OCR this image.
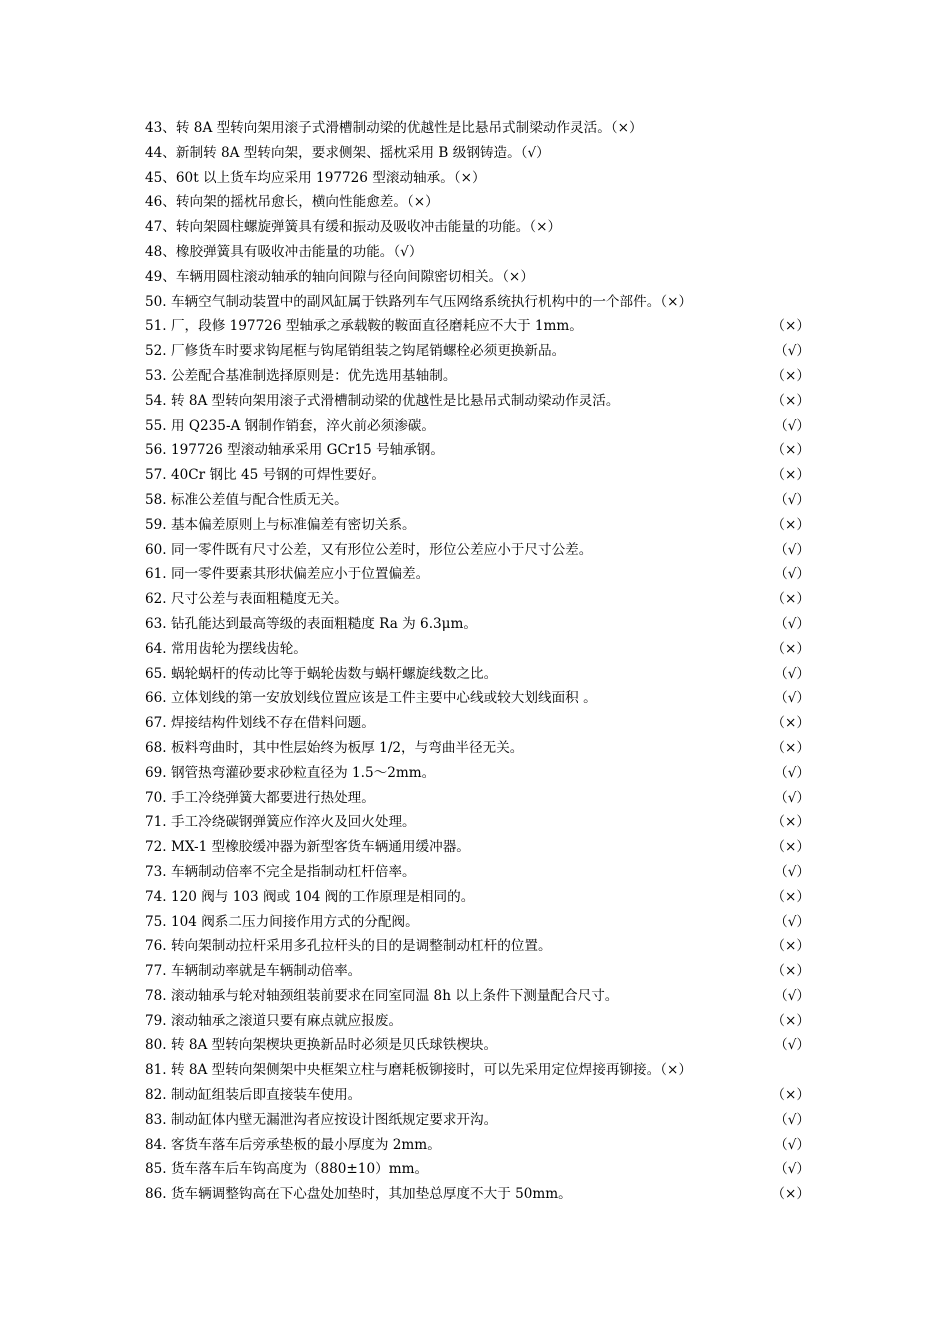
43、转 8A 型转向架用滚子式滑槽制动梁的优越性是比悬吊式制梁动作灵活。（×）
44、新制转 8A 型转向架，要求侧架、摇枕采用 B 级钢铸造。（√）
45、60t 以上货车均应采用 197726 型滚动轴承。（×）
46、转向架的摇枕吊愈长，横向性能愈差。（×）
47、转向架圆柱螺旋弹簧具有缓和振动及吸收冲击能量的功能。（×）
48、橡胶弹簧具有吸收冲击能量的功能。（√）
49、车辆用圆柱滚动轴承的轴向间隙与径向间隙密切相关。（×）
50. 车辆空气制动装置中的副风缸属于铁路列车气压网络系统执行机构中的一个部件。（×）
51. 厂，段修 197726 型轴承之承载鞍的鞍面直径磨耗应不大于 1mm。	（×）
52. 厂修货车时要求钩尾框与钩尾销组装之钩尾销螺栓必须更换新品。	（√）
53. 公差配合基准制选择原则是：优先选用基轴制。	（×）
54. 转 8A 型转向架用滚子式滑槽制动梁的优越性是比悬吊式制动梁动作灵活。	（×）
55. 用 Q235-A 钢制作销套，淬火前必须渗碳。	（√）
56. 197726 型滚动轴承采用 GCr15 号轴承钢。	（×）
57. 40Cr 钢比 45 号钢的可焊性要好。	（×）
58. 标准公差值与配合性质无关。	（√）
59. 基本偏差原则上与标准偏差有密切关系。	（×）
60. 同一零件既有尺寸公差，又有形位公差时，形位公差应小于尺寸公差。	（√）
61. 同一零件要素其形状偏差应小于位置偏差。	（√）
62. 尺寸公差与表面粗糙度无关。	（×）
63. 钻孔能达到最高等级的表面粗糙度 Ra 为 6.3μm。	（√）
64. 常用齿轮为摆线齿轮。	（×）
65. 蜗轮蜗杆的传动比等于蜗轮齿数与蜗杆螺旋线数之比。	（√）
66. 立体划线的第一安放划线位置应该是工件主要中心线或较大划线面积 。	（√）
67. 焊接结构件划线不存在借料问题。	（×）
68. 板料弯曲时，其中性层始终为板厚 1/2，与弯曲半径无关。	（×）
69. 钢管热弯灌砂要求砂粒直径为 1.5～2mm。	（√）
70. 手工冷绕弹簧大都要进行热处理。	（√）
71. 手工冷绕碳钢弹簧应作淬火及回火处理。	（×）
72. MX-1 型橡胶缓冲器为新型客货车辆通用缓冲器。	（×）
73. 车辆制动倍率不完全是指制动杠杆倍率。	（√）
74. 120 阀与 103 阀或 104 阀的工作原理是相同的。	（×）
75. 104 阀系二压力间接作用方式的分配阀。	（√）
76. 转向架制动拉杆采用多孔拉杆头的目的是调整制动杠杆的位置。	（×）
77. 车辆制动率就是车辆制动倍率。	（×）
78. 滚动轴承与轮对轴颈组装前要求在同室同温 8h 以上条件下测量配合尺寸。	（√）
79. 滚动轴承之滚道只要有麻点就应报废。	（×）
80. 转 8A 型转向架楔块更换新品时必须是贝氏球铁楔块。	（√）
81. 转 8A 型转向架侧架中央框架立柱与磨耗板铆接时，可以先采用定位焊接再铆接。（×）
82. 制动缸组装后即直接装车使用。	（×）
83. 制动缸体内壁无漏泄沟者应按设计图纸规定要求开沟。	（√）
84. 客货车落车后旁承垫板的最小厚度为 2mm。	（√）
85. 货车落车后车钩高度为（880±10）mm。	（√）
86. 货车辆调整钩高在下心盘处加垫时，其加垫总厚度不大于 50mm。	（×）
